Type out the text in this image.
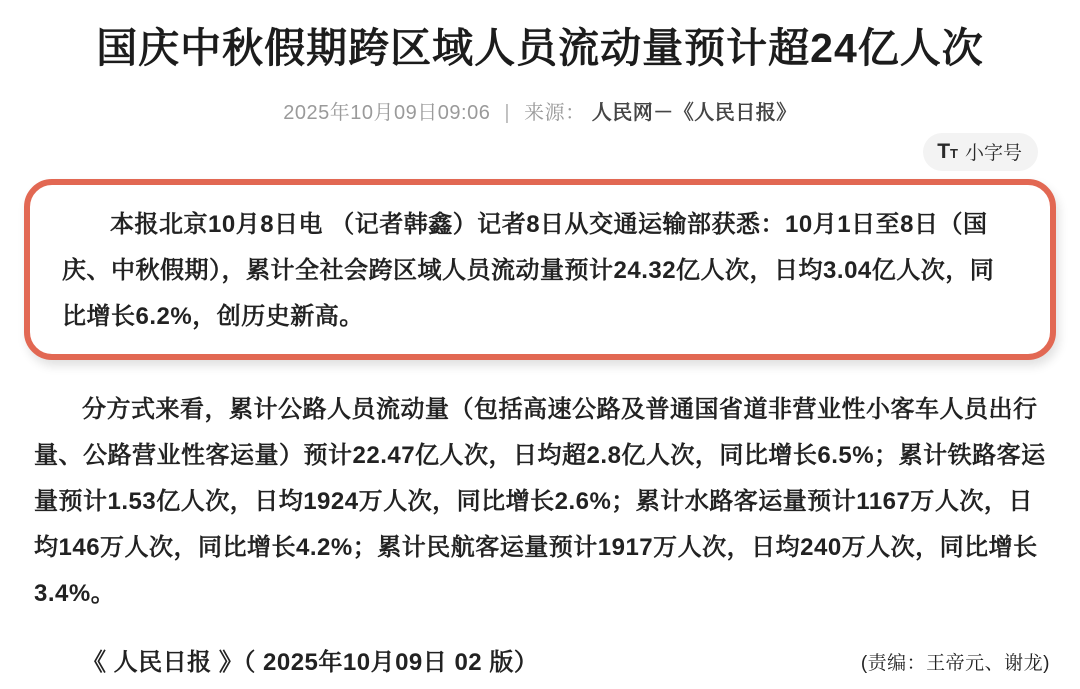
国庆中秋假期跨区域人员流动量预计超24亿人次
2025年10月09日09:06 | 来源： 人民网－《人民日报》
T T 小字号

本报北京10月8日电 （记者韩鑫）记者8日从交通运输部获悉：10月1日至8日（国庆、中秋假期），累计全社会跨区域人员流动量预计24.32亿人次，日均3.04亿人次，同比增长6.2%，创历史新高。

分方式来看，累计公路人员流动量（包括高速公路及普通国省道非营业性小客车人员出行量、公路营业性客运量）预计22.47亿人次，日均超2.8亿人次，同比增长6.5%；累计铁路客运量预计1.53亿人次，日均1924万人次，同比增长2.6%；累计水路客运量预计1167万人次，日均146万人次，同比增长4.2%；累计民航客运量预计1917万人次，日均240万人次，同比增长3.4%。

《 人民日报 》（ 2025年10月09日 02 版）	(责编：王帝元、谢龙)
